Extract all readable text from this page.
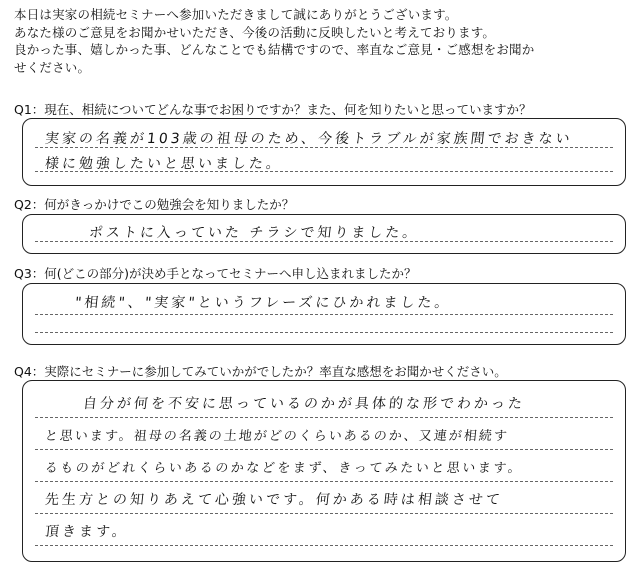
本日は実家の相続セミナーへ参加いただきまして誠にありがとうございます。
あなた様のご意見をお聞かせいただき、今後の活動に反映したいと考えております。
良かった事、嬉しかった事、どんなことでも結構ですので、率直なご意見・ご感想をお聞か
せください。
Q1：現在、相続についてどんな事でお困りですか？また、何を知りたいと思っていますか？
実家の名義が103歳の祖母のため、今後トラブルが家族間でおきない
様に勉強したいと思いました。
Q2：何がきっかけでこの勉強会を知りましたか？
ポストに入っていた チラシで知りました。
Q3：何(どこの部分)が決め手となってセミナーへ申し込まれましたか？
"相続"、"実家"というフレーズにひかれました。
Q4：実際にセミナーに参加してみていかがでしたか？率直な感想をお聞かせください。
自分が何を不安に思っているのかが具体的な形でわかった
と思います。祖母の名義の土地がどのくらいあるのか、又連が相続す
るものがどれくらいあるのかなどをまず、きってみたいと思います。
先生方との知りあえて心強いです。何かある時は相談させて
頂きます。
